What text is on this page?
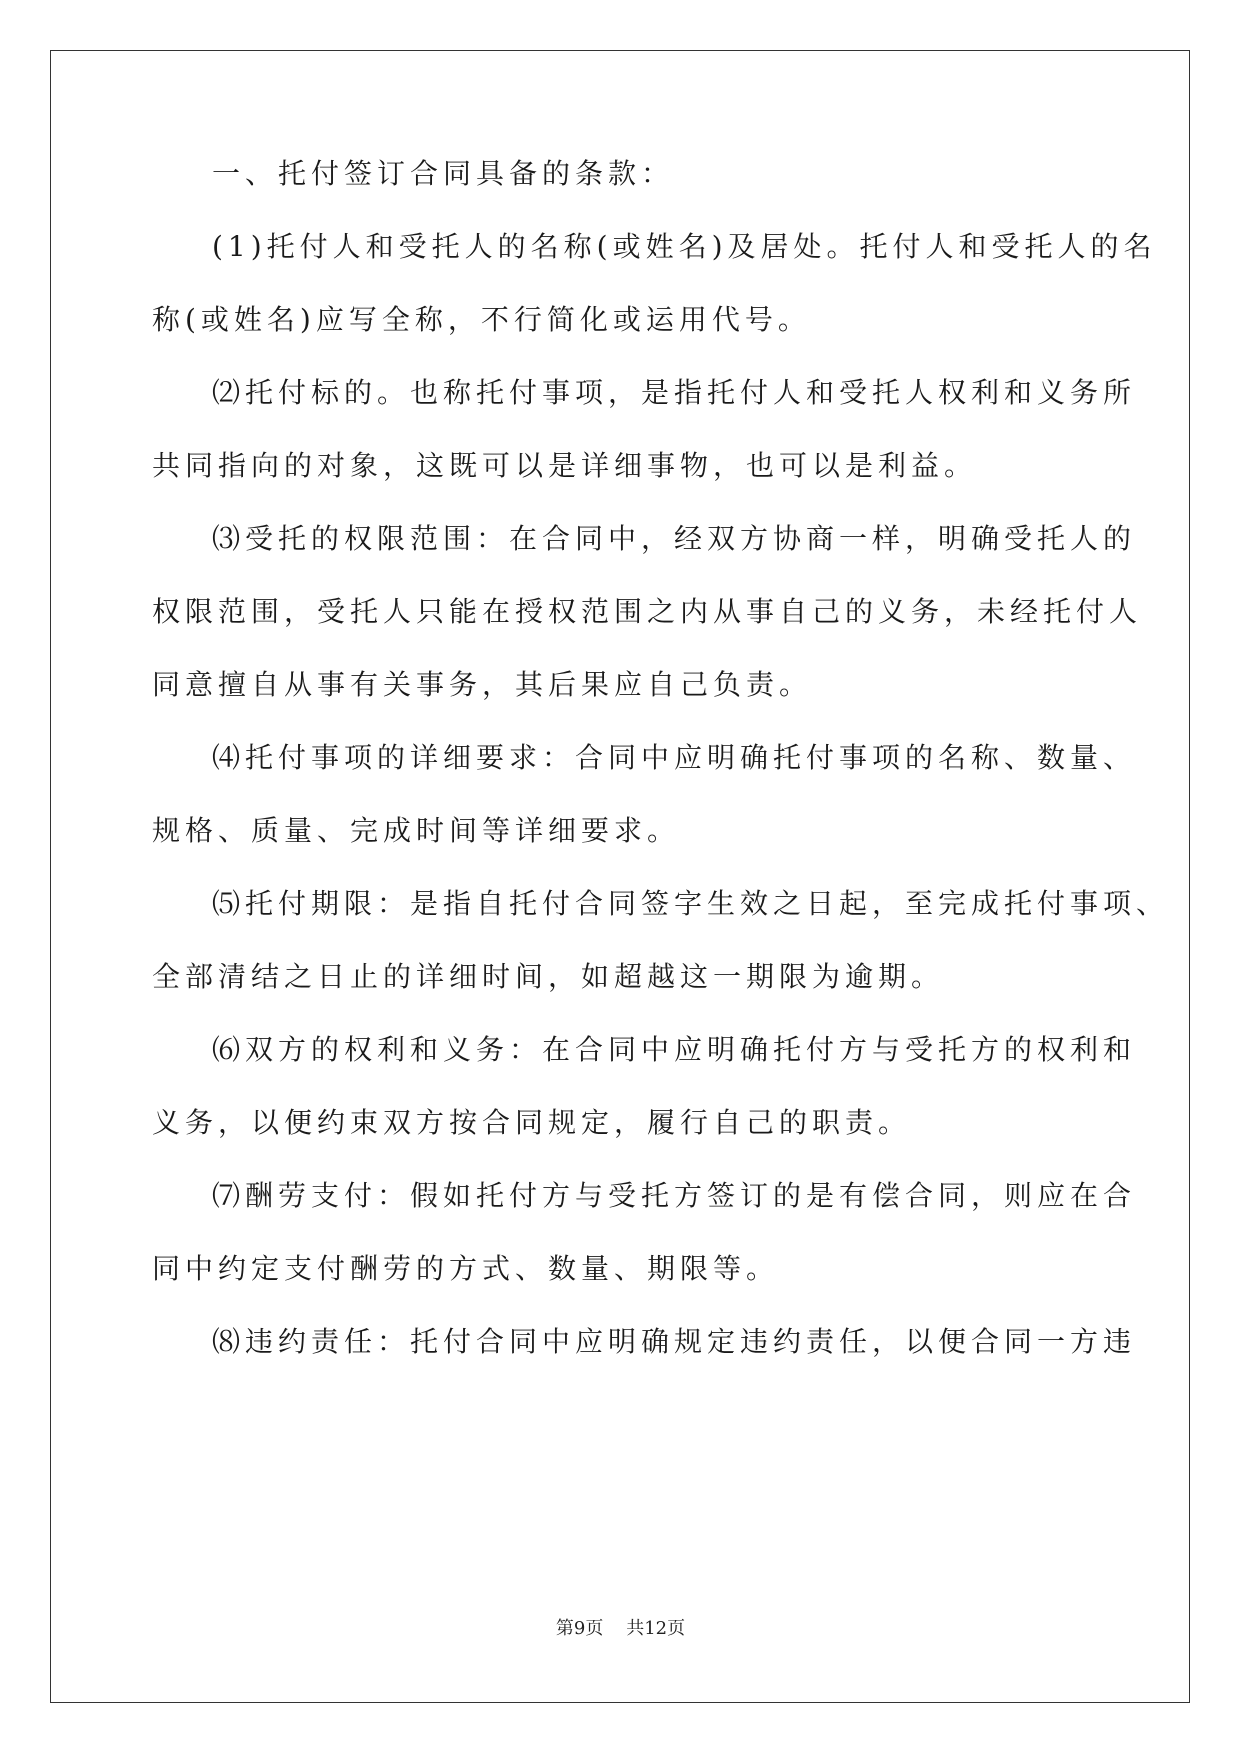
一、托付签订合同具备的条款：
(1)托付人和受托人的名称(或姓名)及居处。托付人和受托人的名
称(或姓名)应写全称，不行简化或运用代号。
⑵托付标的。也称托付事项，是指托付人和受托人权利和义务所
共同指向的对象，这既可以是详细事物，也可以是利益。
⑶受托的权限范围：在合同中，经双方协商一样，明确受托人的
权限范围，受托人只能在授权范围之内从事自己的义务，未经托付人
同意擅自从事有关事务，其后果应自己负责。
⑷托付事项的详细要求：合同中应明确托付事项的名称、数量、
规格、质量、完成时间等详细要求。
⑸托付期限：是指自托付合同签字生效之日起，至完成托付事项、
全部清结之日止的详细时间，如超越这一期限为逾期。
⑹双方的权利和义务：在合同中应明确托付方与受托方的权利和
义务，以便约束双方按合同规定，履行自己的职责。
⑺酬劳支付：假如托付方与受托方签订的是有偿合同，则应在合
同中约定支付酬劳的方式、数量、期限等。
⑻违约责任：托付合同中应明确规定违约责任，以便合同一方违
第9页 共12页
